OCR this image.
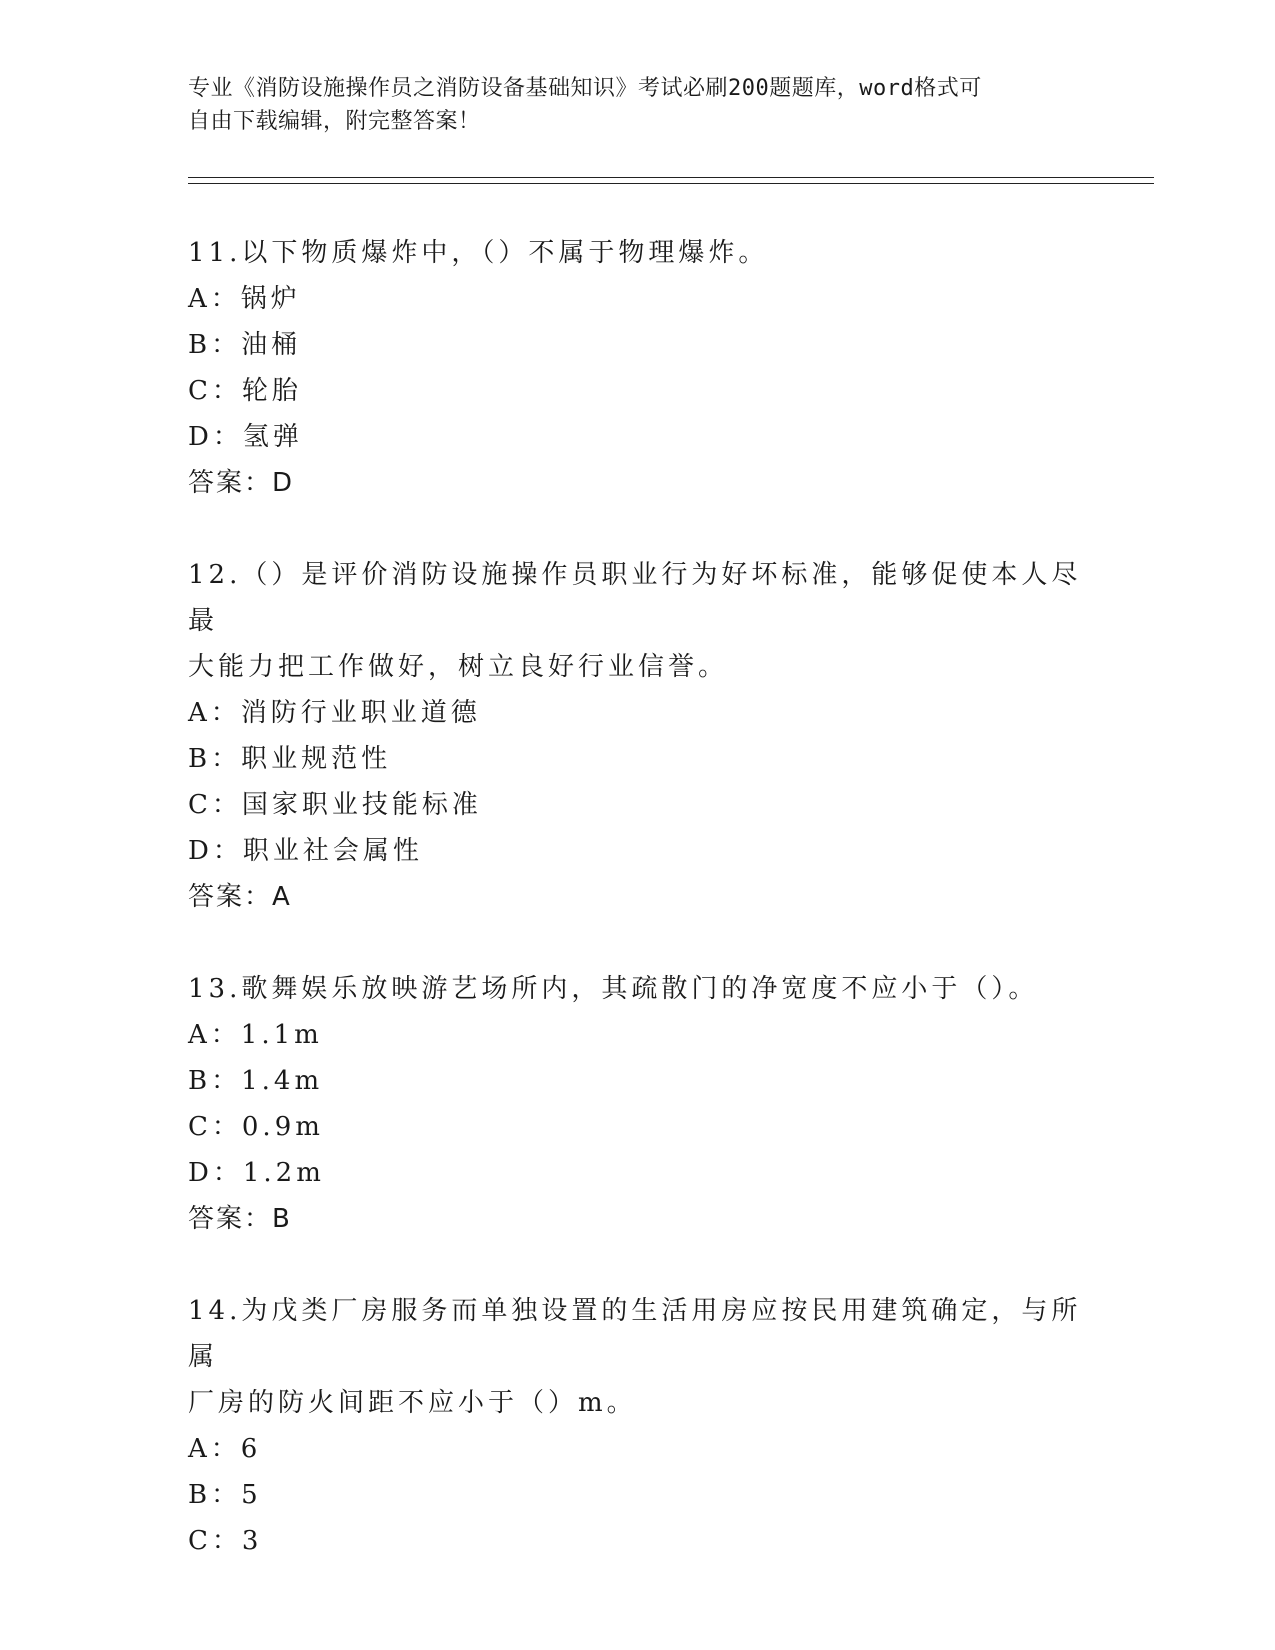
专业《消防设施操作员之消防设备基础知识》考试必刷200题题库，word格式可
自由下载编辑，附完整答案！

11.以下物质爆炸中，（）不属于物理爆炸。

A：锅炉

B：油桶

C：轮胎

D：氢弹

答案：D

12.（）是评价消防设施操作员职业行为好坏标准，能够促使本人尽最

大能力把工作做好，树立良好行业信誉。

A：消防行业职业道德

B：职业规范性

C：国家职业技能标准

D：职业社会属性

答案：A

13.歌舞娱乐放映游艺场所内，其疏散门的净宽度不应小于（）。

A：1.1m

B：1.4m

C：0.9m

D：1.2m

答案：B

14.为戊类厂房服务而单独设置的生活用房应按民用建筑确定，与所属

厂房的防火间距不应小于（）m。

A：6

B：5

C：3
